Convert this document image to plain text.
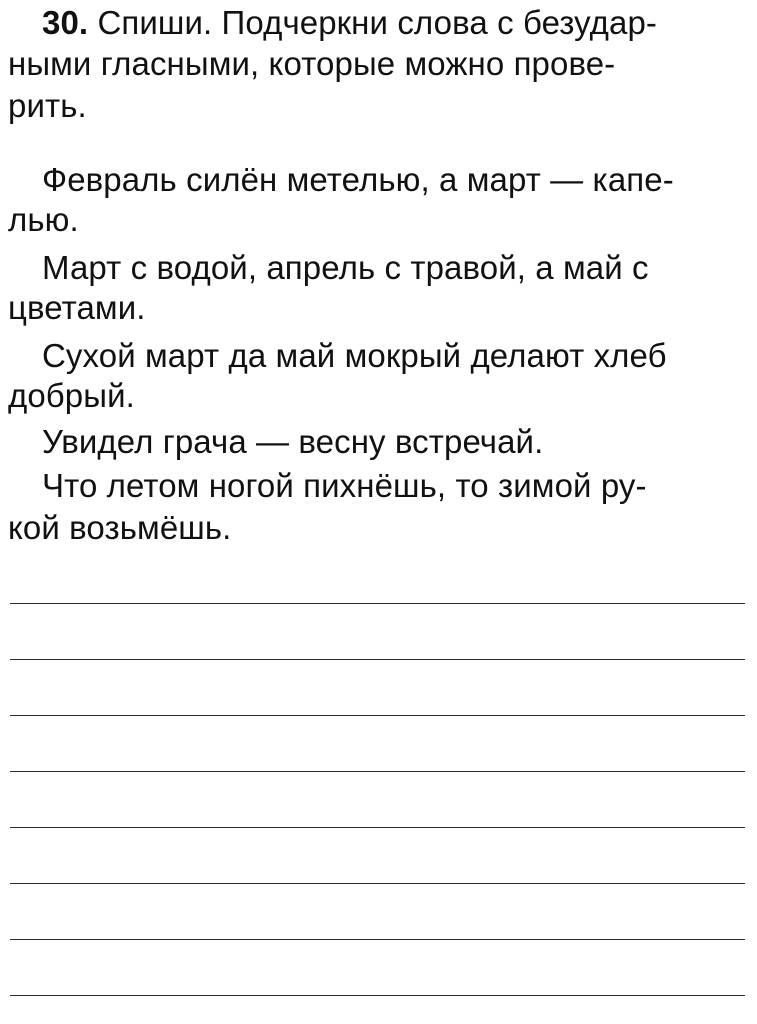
30. Спиши. Подчеркни слова с безудар-
ными гласными, которые можно прове-
рить.
Февраль силён метелью, а март — капе-
лью.
Март с водой, апрель с травой, а май с
цветами.
Сухой март да май мокрый делают хлеб
добрый.
Увидел грача — весну встречай.
Что летом ногой пихнёшь, то зимой ру-
кой возьмёшь.
